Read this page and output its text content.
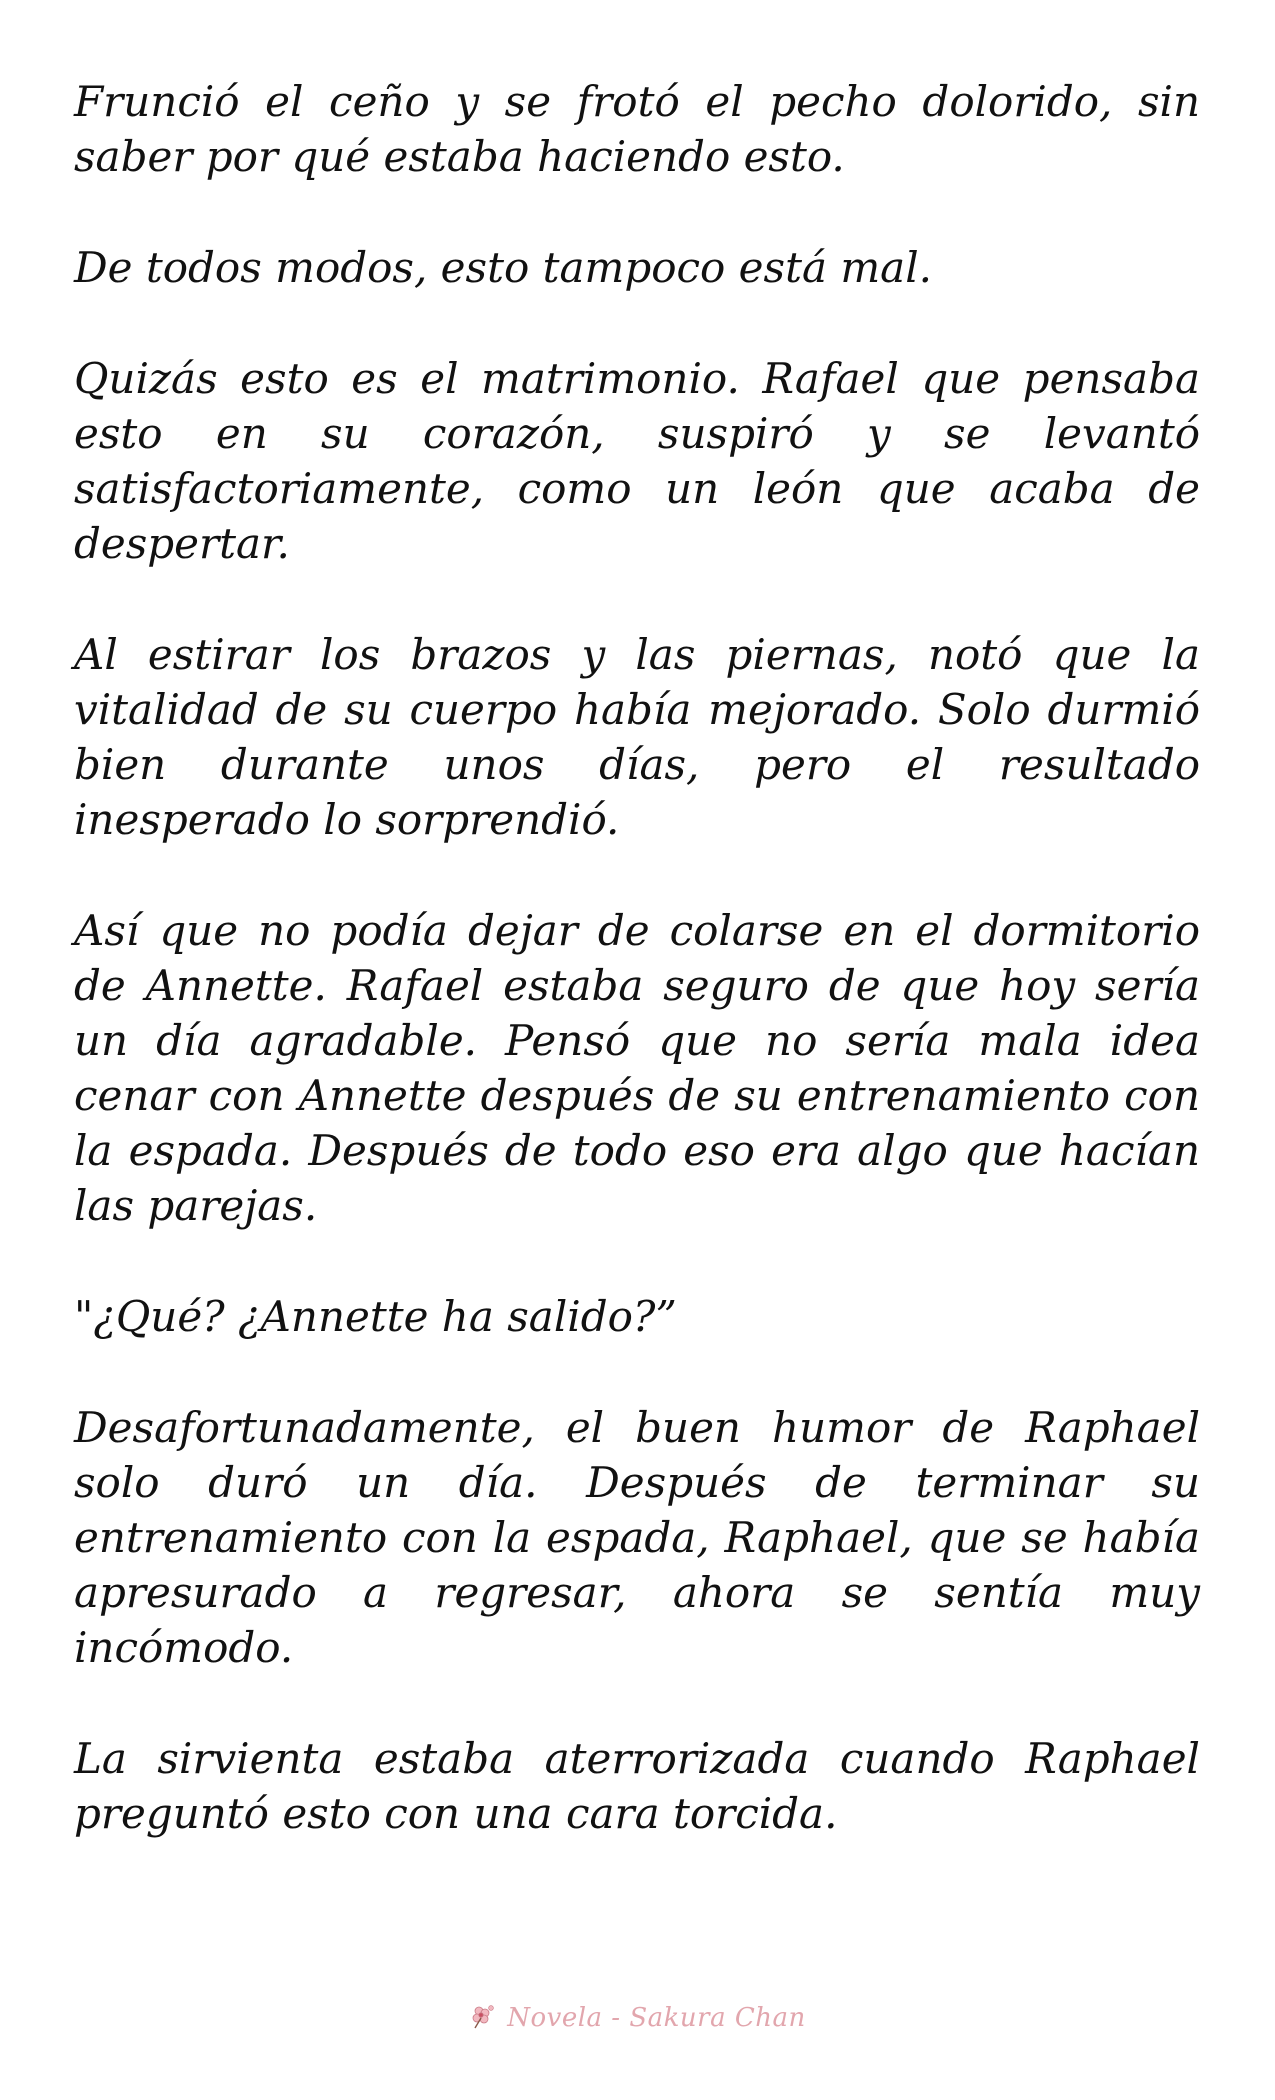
Frunció el ceño y se frotó el pecho dolorido, sin saber por qué estaba haciendo esto.

De todos modos, esto tampoco está mal.

Quizás esto es el matrimonio. Rafael que pensaba esto en su corazón, suspiró y se levantó satisfactoriamente, como un león que acaba de despertar.

Al estirar los brazos y las piernas, notó que la vitalidad de su cuerpo había mejorado. Solo durmió bien durante unos días, pero el resultado inesperado lo sorprendió.

Así que no podía dejar de colarse en el dormitorio de Annette. Rafael estaba seguro de que hoy sería un día agradable. Pensó que no sería mala idea cenar con Annette después de su entrenamiento con la espada. Después de todo eso era algo que hacían las parejas.

"¿Qué? ¿Annette ha salido?”

Desafortunadamente, el buen humor de Raphael solo duró un día. Después de terminar su entrenamiento con la espada, Raphael, que se había apresurado a regresar, ahora se sentía muy incómodo.

La sirvienta estaba aterrorizada cuando Raphael preguntó esto con una cara torcida.

Novela - Sakura Chan
